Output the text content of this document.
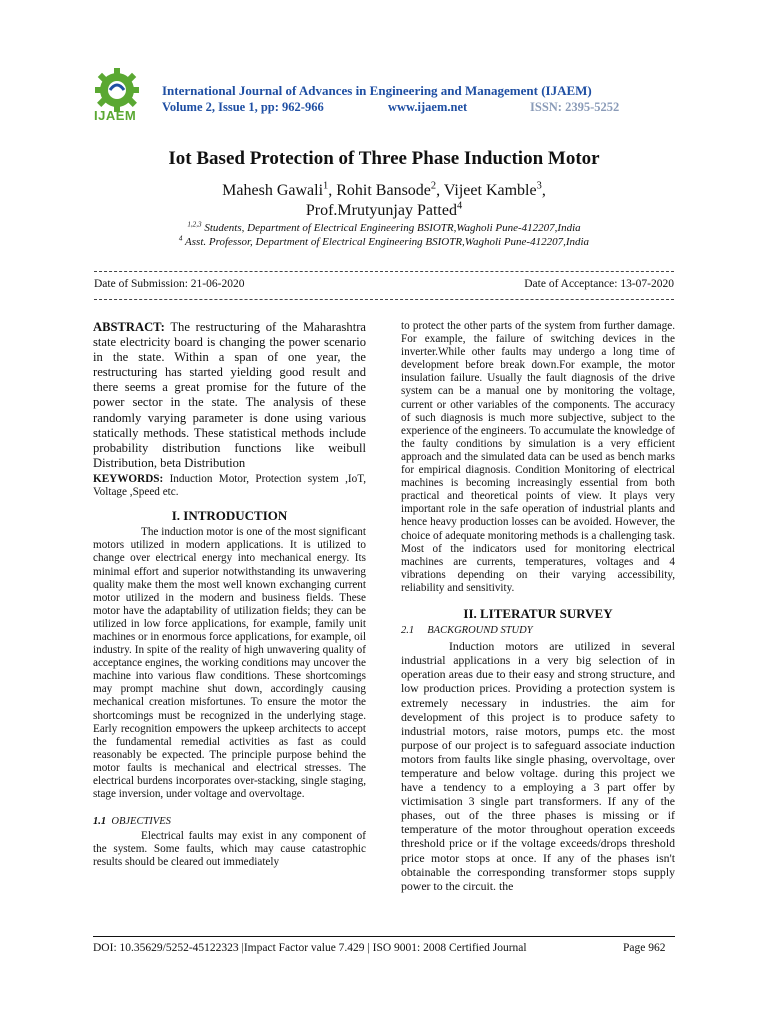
IJAEM
International Journal of Advances in Engineering and Management (IJAEM)
Volume 2, Issue 1, pp: 962-966	www.ijaem.net	ISSN: 2395-5252
Iot Based Protection of Three Phase Induction Motor
Mahesh Gawali$^1$, Rohit Bansode$^2$, Vijeet Kamble$^3$,
Prof.Mrutyunjay Patted$^4$
$^{1,2,3}$ Students, Department of Electrical Engineering BSIOTR,Wagholi Pune-412207,India
$^4$ Asst. Professor, Department of Electrical Engineering BSIOTR,Wagholi Pune-412207,India
Date of Submission: 21-06-2020	Date of Acceptance: 13-07-2020

ABSTRACT: The restructuring of the Maharashtra state electricity board is changing the power scenario in the state. Within a span of one year, the restructuring has started yielding good result and there seems a great promise for the future of the power sector in the state. The analysis of these randomly varying parameter is done using various statically methods. These statistical methods include probability distribution functions like weibull Distribution, beta Distribution

KEYWORDS: Induction Motor, Protection system ,IoT, Voltage ,Speed etc.

I. INTRODUCTION

The induction motor is one of the most significant motors utilized in modern applications. It is utilized to change over electrical energy into mechanical energy. Its minimal effort and superior notwithstanding its unwavering quality make them the most well known exchanging current motor utilized in the modern and business fields. These motor have the adaptability of utilization fields; they can be utilized in low force applications, for example, family unit machines or in enormous force applications, for example, oil industry. In spite of the reality of high unwavering quality of acceptance engines, the working conditions may uncover the machine into various flaw conditions. These shortcomings may prompt machine shut down, accordingly causing mechanical creation misfortunes. To ensure the motor the shortcomings must be recognized in the underlying stage. Early recognition empowers the upkeep architects to accept the fundamental remedial activities as fast as could reasonably be expected. The principle purpose behind the motor faults is mechanical and electrical stresses. The electrical burdens incorporates over-stacking, single staging, stage inversion, under voltage and overvoltage.

1.1 OBJECTIVES

Electrical faults may exist in any component of the system. Some faults, which may cause catastrophic results should be cleared out immediately

to protect the other parts of the system from further damage. For example, the failure of switching devices in the inverter.While other faults may undergo a long time of development before break down.For example, the motor insulation failure. Usually the fault diagnosis of the drive system can be a manual one by monitoring the voltage, current or other variables of the components. The accuracy of such diagnosis is much more subjective, subject to the experience of the engineers. To accumulate the knowledge of the faulty conditions by simulation is a very efficient approach and the simulated data can be used as bench marks for empirical diagnosis. Condition Monitoring of electrical machines is becoming increasingly essential from both practical and theoretical points of view. It plays very important role in the safe operation of industrial plants and hence heavy production losses can be avoided. However, the choice of adequate monitoring methods is a challenging task. Most of the indicators used for monitoring electrical machines are currents, temperatures, voltages and 4 vibrations depending on their varying accessibility, reliability and sensitivity.

II. LITERATUR SURVEY
2.1 BACKGROUND STUDY

Induction motors are utilized in several industrial applications in a very big selection of in operation areas due to their easy and strong structure, and low production prices. Providing a protection system is extremely necessary in industries. the aim for development of this project is to produce safety to industrial motors, raise motors, pumps etc. the most purpose of our project is to safeguard associate induction motors from faults like single phasing, overvoltage, over temperature and below voltage. during this project we have a tendency to a employing a 3 part offer by victimisation 3 single part transformers. If any of the phases, out of the three phases is missing or if temperature of the motor throughout operation exceeds threshold price or if the voltage exceeds/drops threshold price motor stops at once. If any of the phases isn't obtainable the corresponding transformer stops supply power to the circuit. the

DOI: 10.35629/5252-45122323 |Impact Factor value 7.429 | ISO 9001: 2008 Certified Journal	Page 962
